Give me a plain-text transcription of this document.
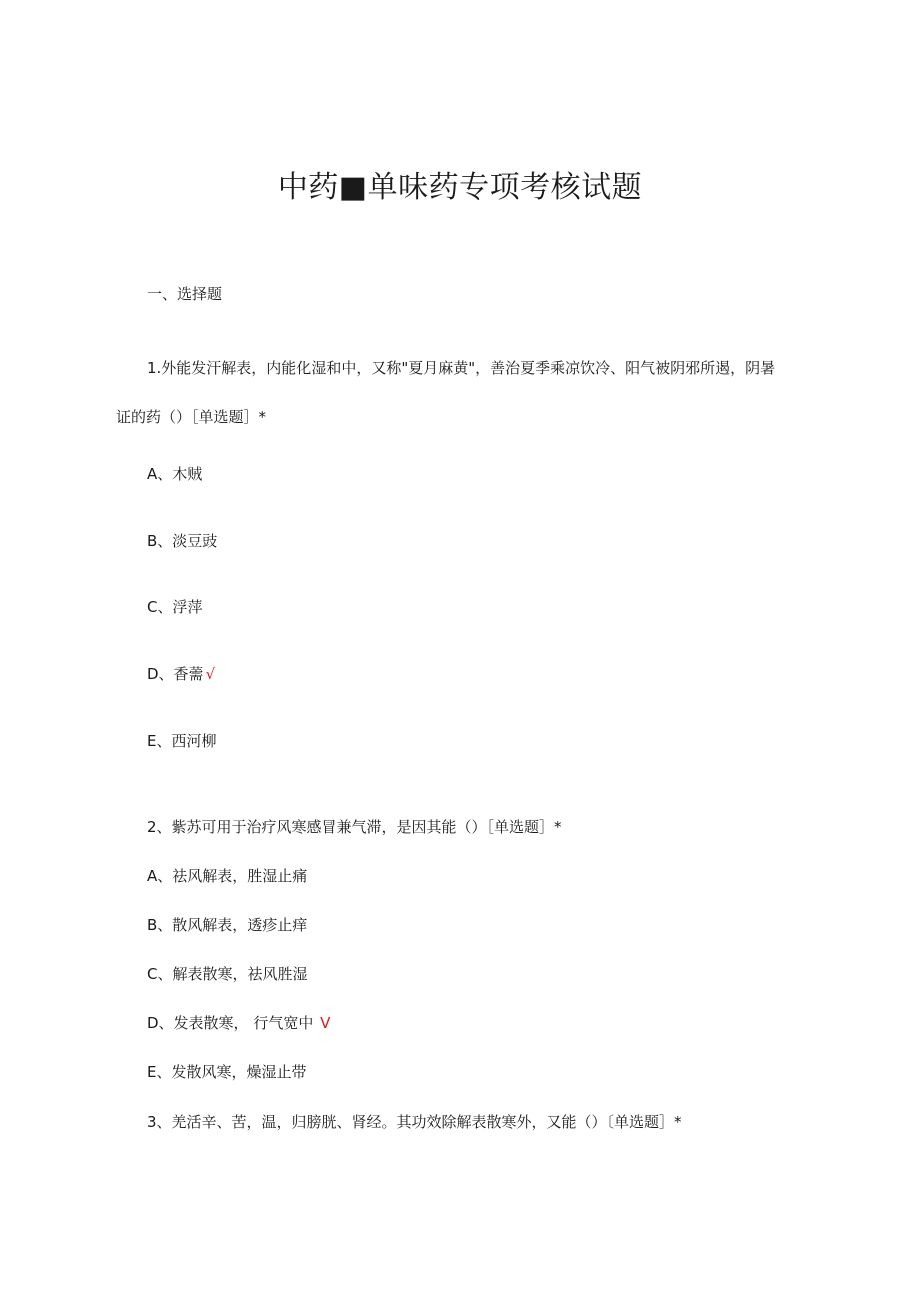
中药■单味药专项考核试题
一、选择题
1.外能发汗解表，内能化湿和中，又称"夏月麻黄"，善治夏季乘凉饮冷、阳气被阴邪所遏，阴暑
证的药（）［单选题］*
A、木贼
B、淡豆豉
C、浮萍
D、香薷 √
E、西河柳
2、紫苏可用于治疗风寒感冒兼气滞，是因其能（）［单选题］*
A、祛风解表，胜湿止痛
B、散风解表，透疹止痒
C、解表散寒，祛风胜湿
D、发表散寒， 行气宽中 V
E、发散风寒，燥湿止带
3、羌活辛、苦，温，归膀胱、肾经。其功效除解表散寒外，又能（）〔单选题］*
